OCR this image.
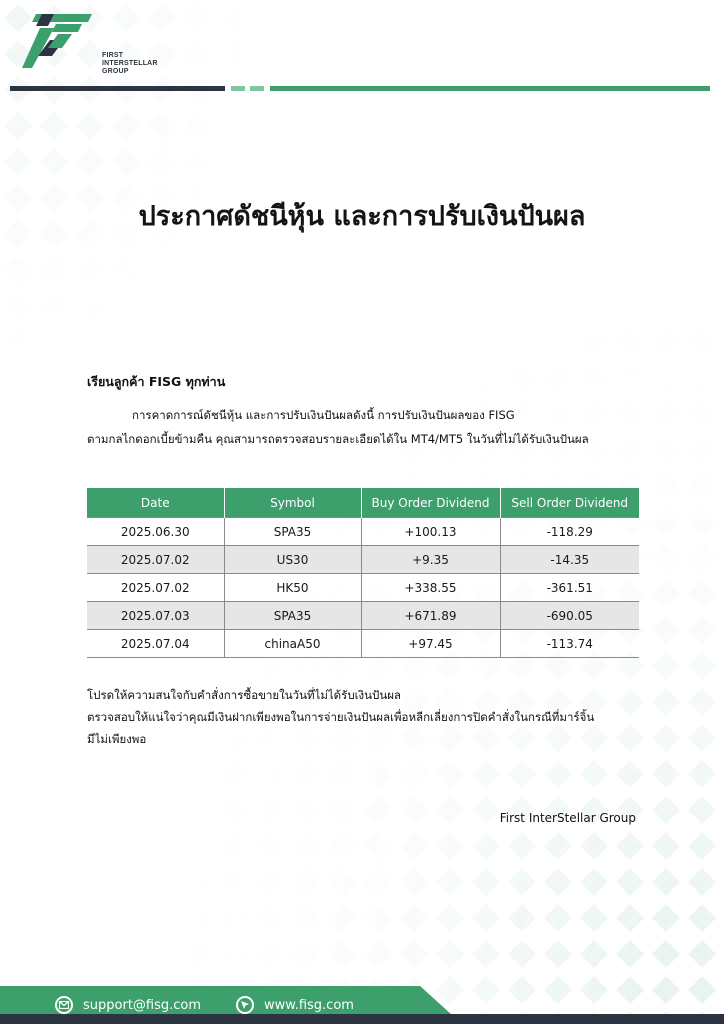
FIRST
INTERSTELLAR
GROUP
ประกาศดัชนีหุ้น และการปรับเงินปันผล
เรียนลูกค้า FISG ทุกท่าน
การคาดการณ์ดัชนีหุ้น และการปรับเงินปันผลดังนี้ การปรับเงินปันผลของ FISG
ตามกลไกดอกเบี้ยข้ามคืน คุณสามารถตรวจสอบรายละเอียดได้ใน MT4/MT5 ในวันที่ไม่ได้รับเงินปันผล
Date	Symbol	Buy Order Dividend	Sell Order Dividend
2025.06.30	SPA35	+100.13	-118.29
2025.07.02	US30	+9.35	-14.35
2025.07.02	HK50	+338.55	-361.51
2025.07.03	SPA35	+671.89	-690.05
2025.07.04	chinaA50	+97.45	-113.74
โปรดให้ความสนใจกับคำสั่งการซื้อขายในวันที่ไม่ได้รับเงินปันผล
ตรวจสอบให้แน่ใจว่าคุณมีเงินฝากเพียงพอในการจ่ายเงินปันผลเพื่อหลีกเลี่ยงการปิดคำสั่งในกรณีที่มาร์จิ้น
มีไม่เพียงพอ
First InterStellar Group
support@fisg.com	www.fisg.com
